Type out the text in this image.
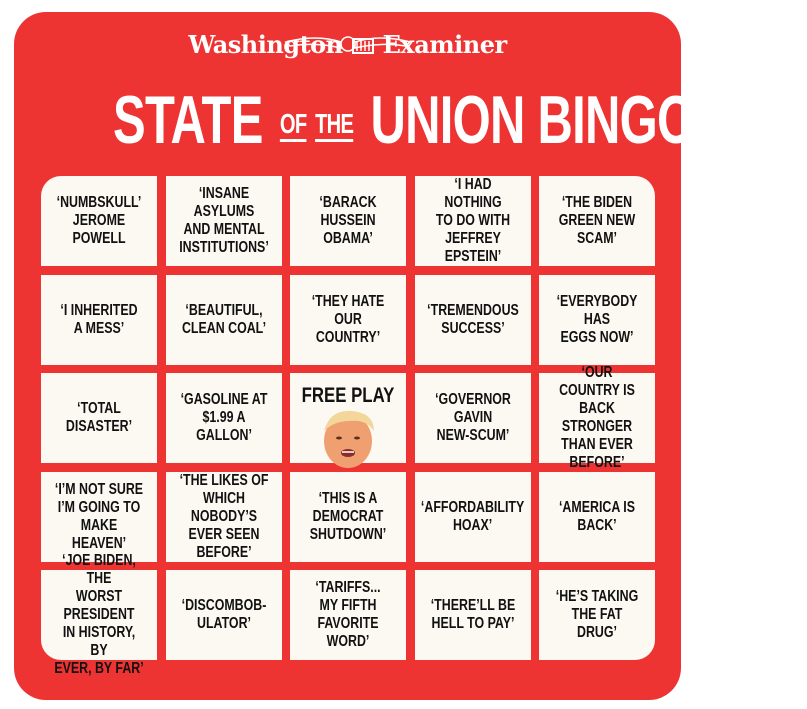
Washington Examiner
STATE OF THE UNION BINGO
‘NUMBSKULL’
JEROME POWELL
‘INSANE
ASYLUMS
AND MENTAL
INSTITUTIONS’
‘BARACK
HUSSEIN
OBAMA’
‘I HAD NOTHING
TO DO WITH
JEFFREY EPSTEIN’
‘THE BIDEN
GREEN NEW
SCAM’
‘I INHERITED
A MESS’
‘BEAUTIFUL,
CLEAN COAL’
‘THEY HATE
OUR COUNTRY’
‘TREMENDOUS
SUCCESS’
‘EVERYBODY HAS
EGGS NOW’
‘TOTAL
DISASTER’
‘GASOLINE AT
$1.99 A GALLON’
FREE PLAY	‘GOVERNOR
GAVIN
NEW-SCUM’
‘OUR COUNTRY IS
BACK STRONGER
THAN EVER
BEFORE’
‘I’M NOT SURE
I’M GOING TO
MAKE HEAVEN’
‘THE LIKES OF
WHICH NOBODY’S
EVER SEEN
BEFORE’
‘THIS IS A
DEMOCRAT
SHUTDOWN’
‘AFFORDABILITY
HOAX’
‘AMERICA IS
BACK’
‘JOE BIDEN, THE
WORST PRESIDENT
IN HISTORY, BY
EVER, BY FAR’
‘DISCOMBOB-
ULATOR’
‘TARIFFS...
MY FIFTH
FAVORITE WORD’
‘THERE’LL BE
HELL TO PAY’
‘HE’S TAKING
THE FAT DRUG’
